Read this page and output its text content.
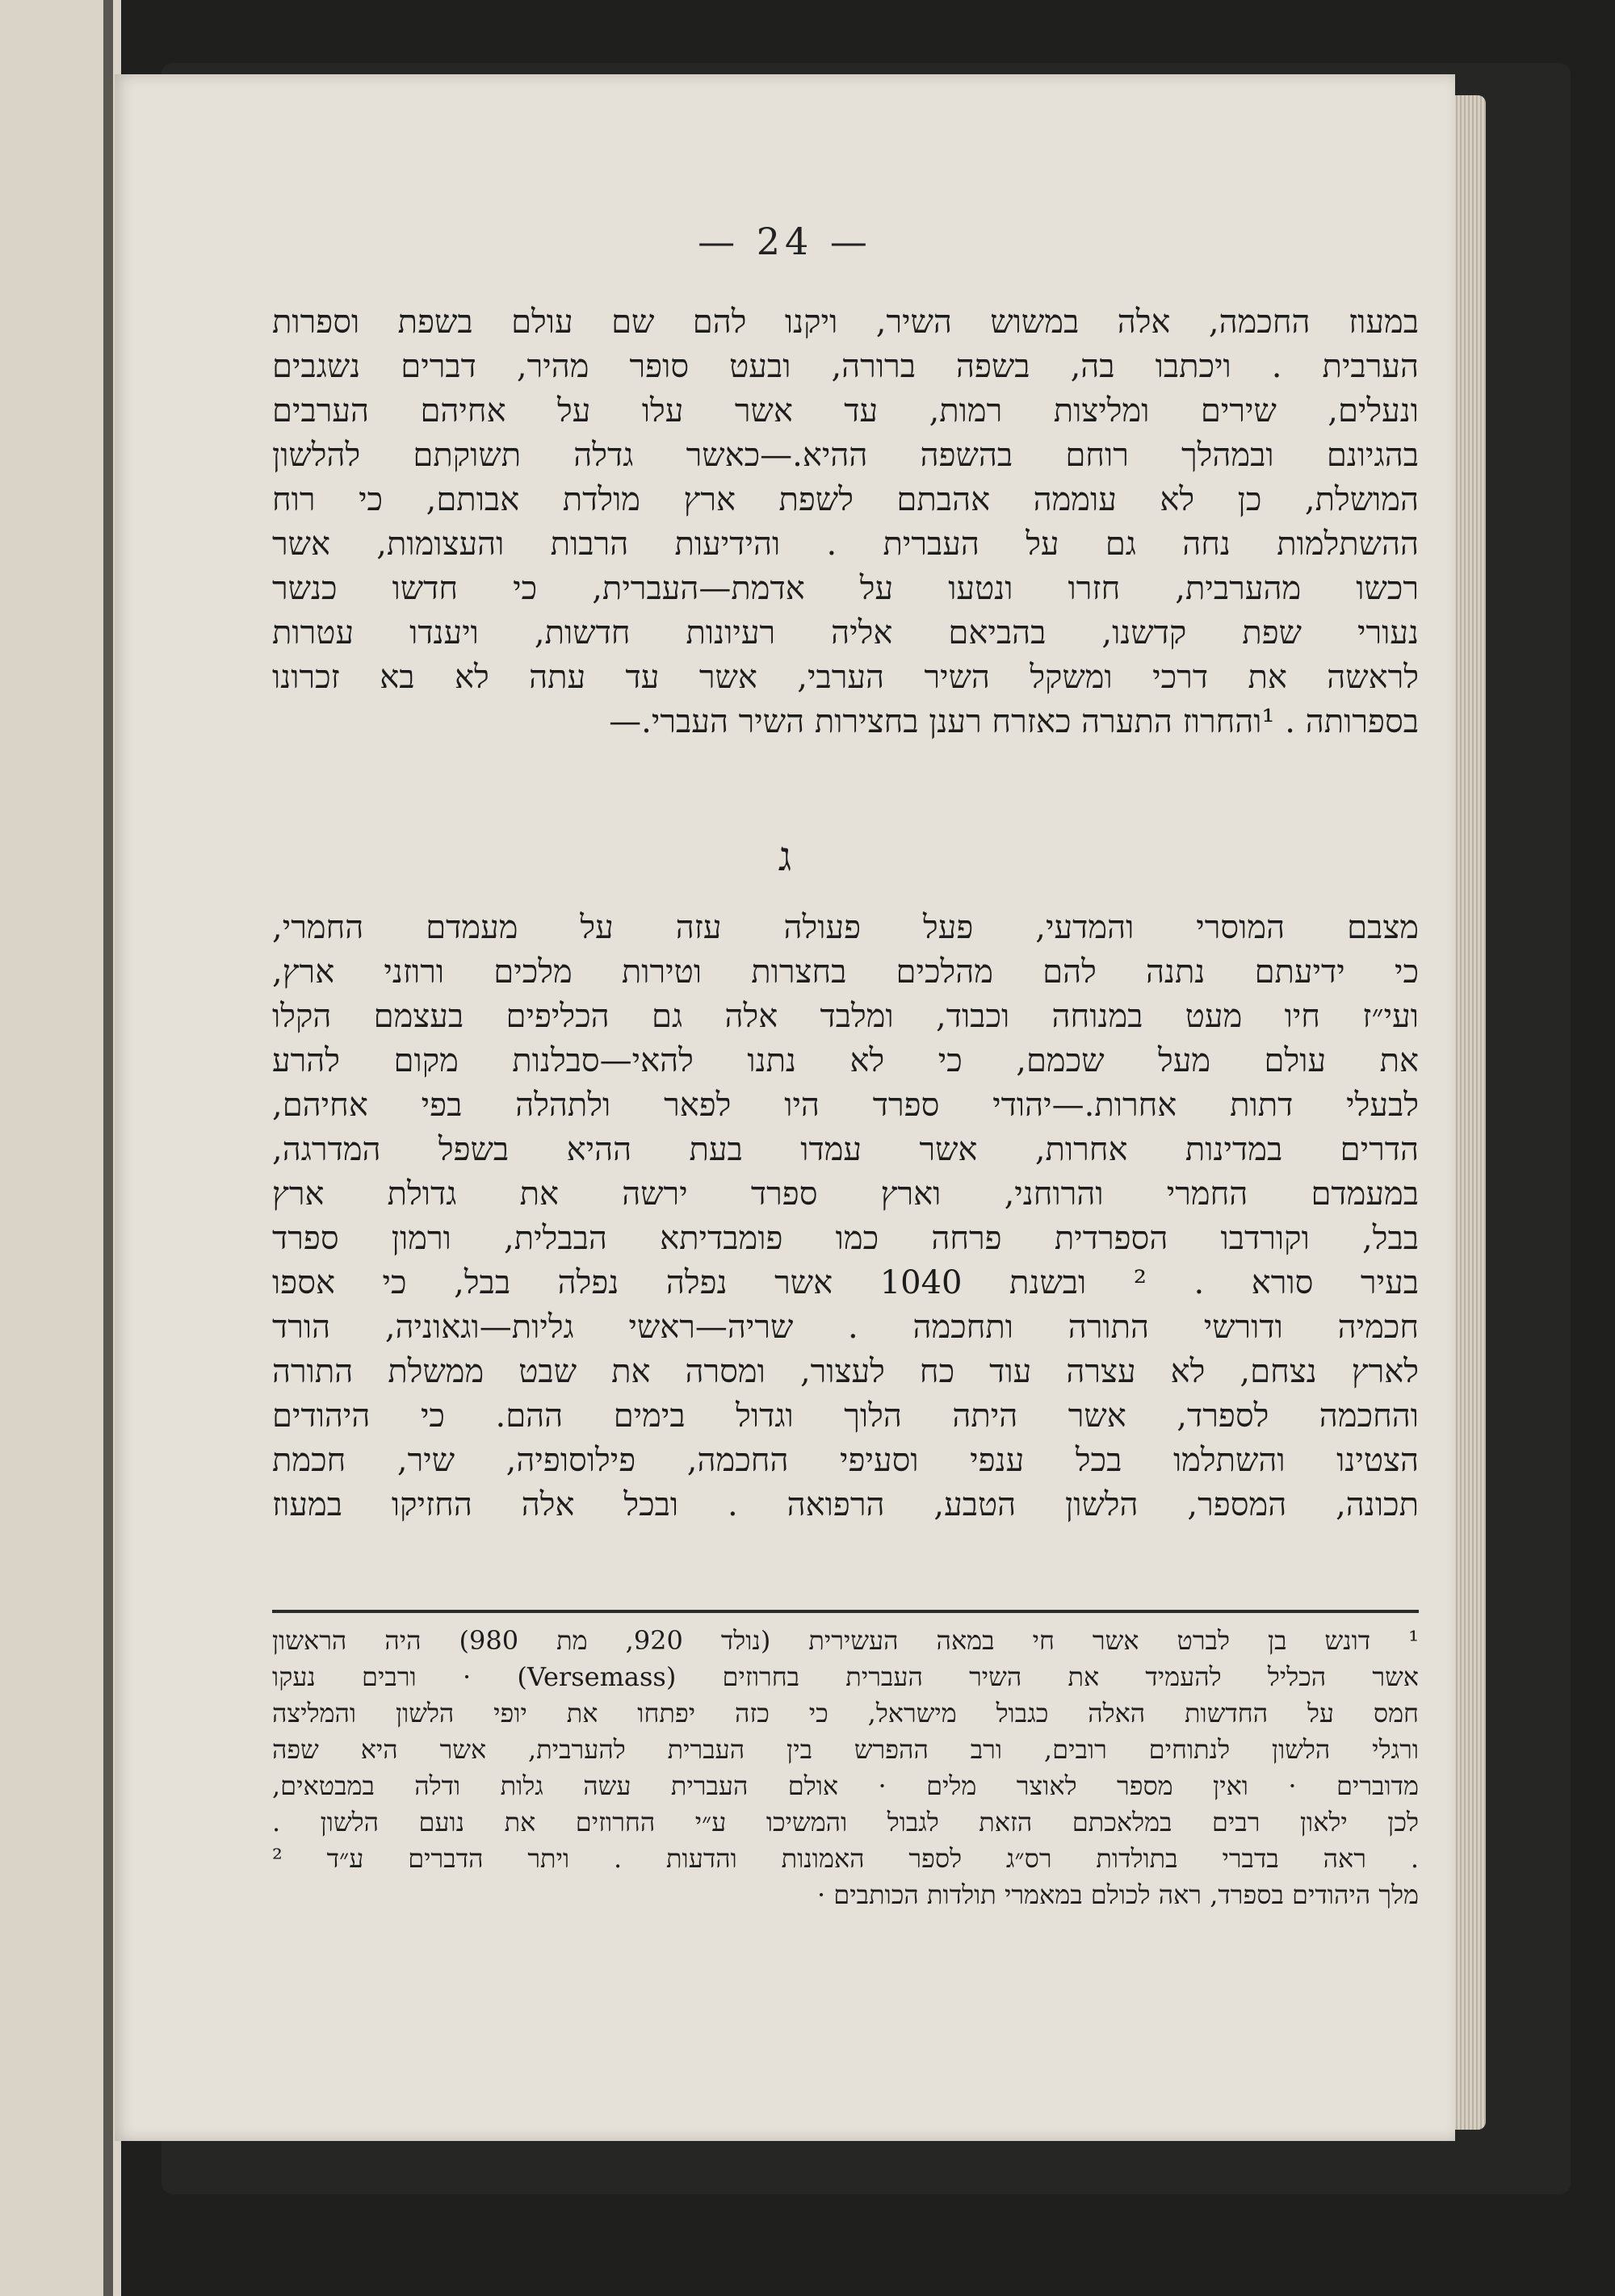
— 24 —
במעוז החכמה, אלה במשוש השיר, ויקנו להם שם עולם בשפת וספרות
הערבית . ויכתבו בה, בשפה ברורה, ובעט סופר מהיר, דברים נשגבים
ונעלים, שירים ומליצות רמות, עד אשר עלו על אחיהם הערבים
בהגיונם ובמהלך רוחם בהשפה ההיא.—כאשר גדלה תשוקתם להלשון
המושלת, כן לא עוממה אהבתם לשפת ארץ מולדת אבותם, כי רוח
ההשתלמות נחה גם על העברית . והידיעות הרבות והעצומות, אשר
רכשו מהערבית, חזרו ונטעו על אדמת—העברית, כי חדשו כנשר
נעורי שפת קדשנו, בהביאם אליה רעיונות חדשות, ויענדו עטרות
לראשה את דרכי ומשקל השיר הערבי, אשר עד עתה לא בא זכרונו
בספרותה . ¹והחרוז התערה כאזרח רענן בחצירות השיר העברי.—
ג
מצבם המוסרי והמדעי, פעל פעולה עזה על מעמדם החמרי,
כי ידיעתם נתנה להם מהלכים בחצרות וטירות מלכים ורוזני ארץ,
ועי״ז חיו מעט במנוחה וכבוד, ומלבד אלה גם הכליפים בעצמם הקלו
את עולם מעל שכמם, כי לא נתנו להאי—סבלנות מקום להרע
לבעלי דתות אחרות.—יהודי ספרד היו לפאר ולתהלה בפי אחיהם,
הדרים במדינות אחרות, אשר עמדו בעת ההיא בשפל המדרגה,
במעמדם החמרי והרוחני, וארץ ספרד ירשה את גדולת ארץ
בבל, וקורדבו הספרדית פרחה כמו פומבדיתא הבבלית, ורמון ספרד
בעיר סורא . ² ובשנת 1040 אשר נפלה נפלה בבל, כי אספו
חכמיה ודורשי התורה ותחכמה . שריה—ראשי גליות—וגאוניה, הורד
לארץ נצחם, לא עצרה עוד כח לעצור, ומסרה את שבט ממשלת התורה
והחכמה לספרד, אשר היתה הלוך וגדול בימים ההם. כי היהודים
הצטינו והשתלמו בכל ענפי וסעיפי החכמה, פילוסופיה, שיר, חכמת
תכונה, המספר, הלשון הטבע, הרפואה . ובכל אלה החזיקו במעוז
¹ דונש בן לברט אשר חי במאה העשירית (נולד 920, מת 980) היה הראשון
אשר הכליל להעמיד את השיר העברית בחרוזים (Versemass) · ורבים נעקו
חמס על החדשות האלה כגבול מישראל, כי כזה יפתחו את יופי הלשון והמליצה
ורגלי הלשון לנתוחים רובים, ורב ההפרש בין העברית להערבית, אשר היא שפה
מדוברים · ואין מספר לאוצר מלים · אולם העברית עשה גלות ודלה במבטאים,
לכן ילאון רבים במלאכתם הזאת לגבול והמשיכו ע״י החרוזים את נועם הלשון .
. ראה בדברי בתולדות רס״ג לספר האמונות והדעות . ויתר הדברים ע״ד ²
מלך היהודים בספרד, ראה לכולם במאמרי תולדות הכותבים ·
